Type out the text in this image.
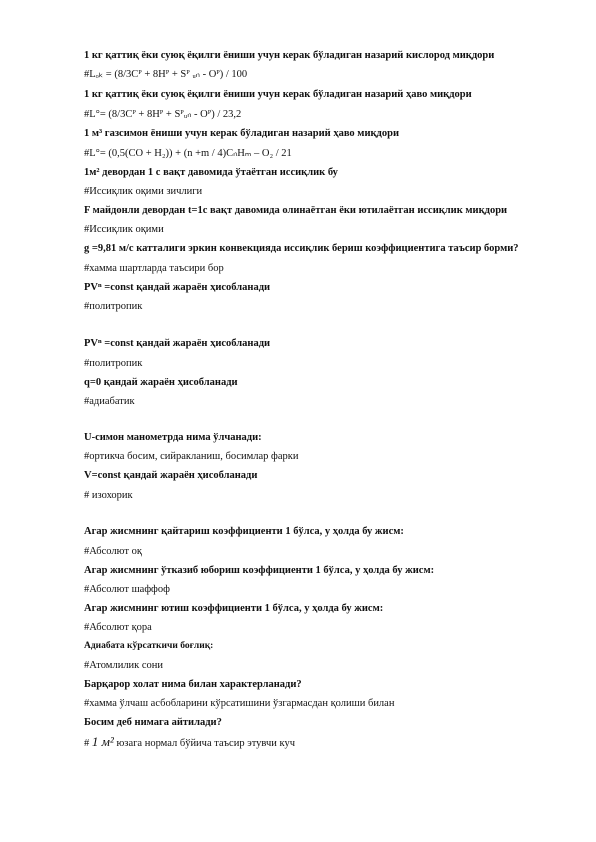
1 кг қаттиқ ёки суюқ ёқилги ёниши учун керак бўладиган назарий кислород миқдори
#Lₒₖ = (8/3Cᴾ + 8Hᴾ + Sᴾ ᵤₙ - Oᴾ) / 100
1 кг қаттиқ ёки суюқ ёқилги ёниши учун керак бўладиган назарий ҳаво миқдори
#L°= (8/3Cᴾ + 8Hᴾ + Sᴾᵤₙ - Oᴾ) / 23,2
1 м³ газсимон ёниши учун керак бўладиган назарий ҳаво миқдори
#L°= (0,5(CO + H₂)) + (n +m / 4)CₙHₘ – O₂ / 21
1м² девордан 1 с вақт давомида ўтаётган иссиқлик бу
#Иссиқлик оқими зичлиги
F майдонли девордан t=1с вақт давомида олинаётган ёки ютилаётган иссиқлик миқдори
#Иссиқлик оқими
g =9,81 м/с катталиги эркин конвекцияда иссиқлик бериш коэффициентига таъсир борми?
#хамма шартларда таъсири бор
PVⁿ =const қандай жараён ҳисобланади
#политропик
PVⁿ =const қандай жараён ҳисобланади
#политропик
q=0 қандай жараён ҳисобланади
#адиабатик
U-симон манометрда нима ўлчанади:
#ортикча босим, сийракланиш, босимлар фарки
V=const қандай жараён ҳисобланади
# изохорик
Агар жисмнинг қайтариш коэффициенти 1 бўлса, у ҳолда бу жисм:
#Абсолют оқ
Агар жисмнинг ўтказиб юбориш коэффициенти 1 бўлса, у ҳолда бу жисм:
#Абсолют шаффоф
Агар жисмнинг ютиш коэффициенти 1 бўлса, у ҳолда бу жисм:
#Абсолют қора
Адиабата кўрсаткичи боғлиқ:
#Атомлилик сони
Барқарор холат нима билан характерланади?
#хамма ўлчаш асбобларини кўрсатишини ўзгармасдан қолиши билан
Босим деб нимага айтилади?
# 1 м² юзага нормал бўйича таъсир этувчи куч
